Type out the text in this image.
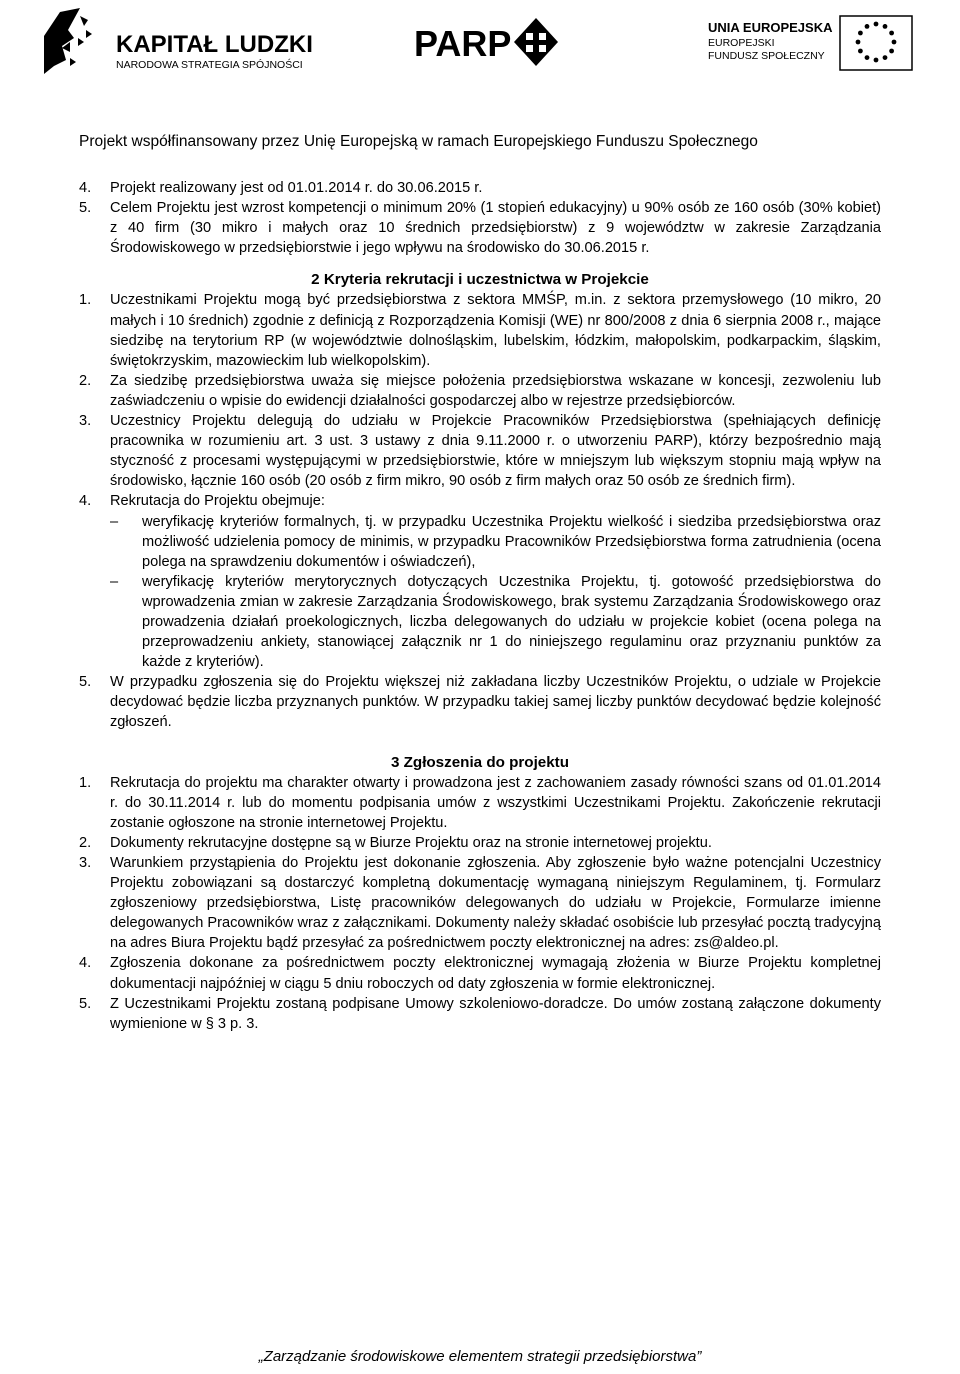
KAPITAŁ LUDZKI
NARODOWA STRATEGIA SPÓJNOŚCI
PARP	UNIA EUROPEJSKA
EUROPEJSKI
FUNDUSZ SPOŁECZNY
Projekt współfinansowany przez Unię Europejską w ramach Europejskiego Funduszu Społecznego
4. Projekt realizowany jest od 01.01.2014 r. do 30.06.2015 r.
5. Celem Projektu jest wzrost kompetencji o minimum 20% (1 stopień edukacyjny) u 90% osób ze 160 osób (30% kobiet) z 40 firm (30 mikro i małych oraz 10 średnich przedsiębiorstw) z 9 województw w zakresie Zarządzania Środowiskowego w przedsiębiorstwie i jego wpływu na środowisko do 30.06.2015 r.
2 Kryteria rekrutacji i uczestnictwa w Projekcie
1. Uczestnikami Projektu mogą być przedsiębiorstwa z sektora MMŚP, m.in. z sektora przemysłowego (10 mikro, 20 małych i 10 średnich) zgodnie z definicją z Rozporządzenia Komisji (WE) nr 800/2008 z dnia 6 sierpnia 2008 r., mające siedzibę na terytorium RP (w województwie dolnośląskim, lubelskim, łódzkim, małopolskim, podkarpackim, śląskim, świętokrzyskim, mazowieckim lub wielkopolskim).
2. Za siedzibę przedsiębiorstwa uważa się miejsce położenia przedsiębiorstwa wskazane w koncesji, zezwoleniu lub zaświadczeniu o wpisie do ewidencji działalności gospodarczej albo w rejestrze przedsiębiorców.
3. Uczestnicy Projektu delegują do udziału w Projekcie Pracowników Przedsiębiorstwa (spełniających definicję pracownika w rozumieniu art. 3 ust. 3 ustawy z dnia 9.11.2000 r. o utworzeniu PARP), którzy bezpośrednio mają styczność z procesami występującymi w przedsiębiorstwie, które w mniejszym lub większym stopniu mają wpływ na środowisko, łącznie 160 osób (20 osób z firm mikro, 90 osób z firm małych oraz 50 osób ze średnich firm).
4. Rekrutacja do Projektu obejmuje:
– weryfikację kryteriów formalnych, tj. w przypadku Uczestnika Projektu wielkość i siedziba przedsiębiorstwa oraz możliwość udzielenia pomocy de minimis, w przypadku Pracowników Przedsiębiorstwa forma zatrudnienia (ocena polega na sprawdzeniu dokumentów i oświadczeń),
– weryfikację kryteriów merytorycznych dotyczących Uczestnika Projektu, tj. gotowość przedsiębiorstwa do wprowadzenia zmian w zakresie Zarządzania Środowiskowego, brak systemu Zarządzania Środowiskowego oraz prowadzenia działań proekologicznych, liczba delegowanych do udziału w projekcie kobiet (ocena polega na przeprowadzeniu ankiety, stanowiącej załącznik nr 1 do niniejszego regulaminu oraz przyznaniu punktów za każde z kryteriów).
5. W przypadku zgłoszenia się do Projektu większej niż zakładana liczby Uczestników Projektu, o udziale w Projekcie decydować będzie liczba przyznanych punktów. W przypadku takiej samej liczby punktów decydować będzie kolejność zgłoszeń.
3 Zgłoszenia do projektu
1. Rekrutacja do projektu ma charakter otwarty i prowadzona jest z zachowaniem zasady równości szans od 01.01.2014 r. do 30.11.2014 r. lub do momentu podpisania umów z wszystkimi Uczestnikami Projektu. Zakończenie rekrutacji zostanie ogłoszone na stronie internetowej Projektu.
2. Dokumenty rekrutacyjne dostępne są w Biurze Projektu oraz na stronie internetowej projektu.
3. Warunkiem przystąpienia do Projektu jest dokonanie zgłoszenia. Aby zgłoszenie było ważne potencjalni Uczestnicy Projektu zobowiązani są dostarczyć kompletną dokumentację wymaganą niniejszym Regulaminem, tj. Formularz zgłoszeniowy przedsiębiorstwa, Listę pracowników delegowanych do udziału w Projekcie, Formularze imienne delegowanych Pracowników wraz z załącznikami. Dokumenty należy składać osobiście lub przesyłać pocztą tradycyjną na adres Biura Projektu bądź przesyłać za pośrednictwem poczty elektronicznej na adres: zs@aldeo.pl.
4. Zgłoszenia dokonane za pośrednictwem poczty elektronicznej wymagają złożenia w Biurze Projektu kompletnej dokumentacji najpóźniej w ciągu 5 dniu roboczych od daty zgłoszenia w formie elektronicznej.
5. Z Uczestnikami Projektu zostaną podpisane Umowy szkoleniowo-doradcze. Do umów zostaną załączone dokumenty wymienione w § 3 p. 3.
„Zarządzanie środowiskowe elementem strategii przedsiębiorstwa”
